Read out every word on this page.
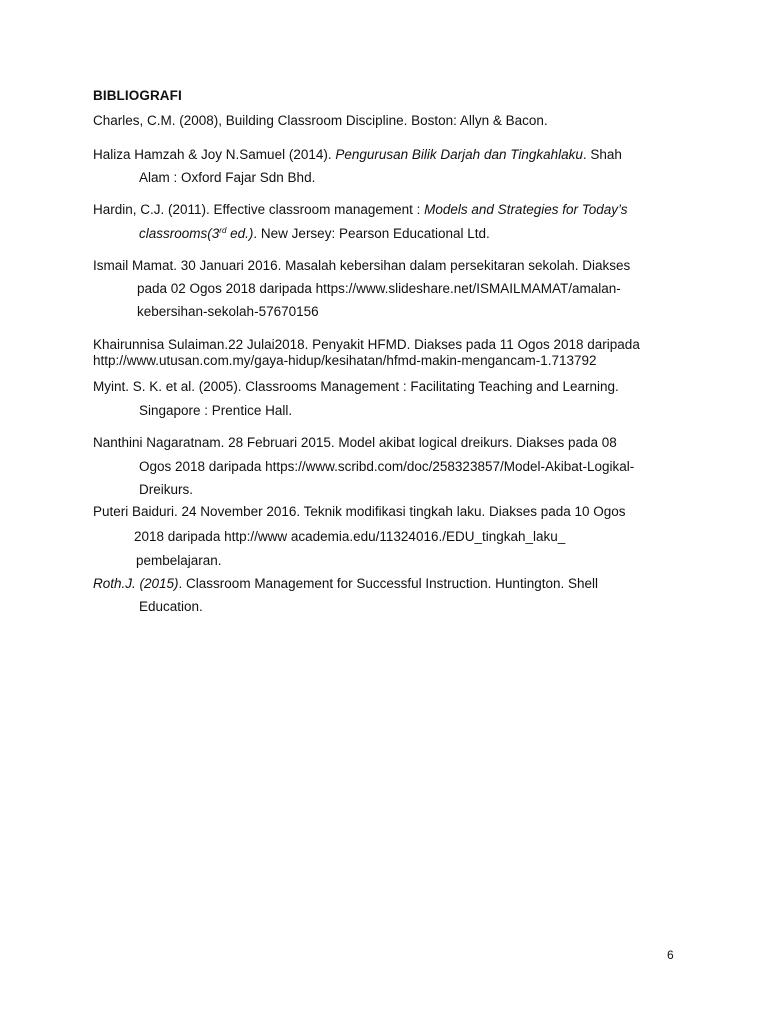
BIBLIOGRAFI
Charles, C.M. (2008), Building Classroom Discipline. Boston: Allyn & Bacon.
Haliza Hamzah & Joy N.Samuel (2014). Pengurusan Bilik Darjah dan Tingkahlaku. Shah
Alam : Oxford Fajar Sdn Bhd.
Hardin, C.J. (2011). Effective classroom management : Models and Strategies for Today’s
classrooms(3rd ed.). New Jersey: Pearson Educational Ltd.
Ismail Mamat. 30 Januari 2016. Masalah kebersihan dalam persekitaran sekolah. Diakses
pada 02 Ogos 2018 daripada https://www.slideshare.net/ISMAILMAMAT/amalan-
kebersihan-sekolah-57670156
Khairunnisa Sulaiman.22 Julai2018. Penyakit HFMD. Diakses pada 11 Ogos 2018 daripada
http://www.utusan.com.my/gaya-hidup/kesihatan/hfmd-makin-mengancam-1.713792
Myint. S. K. et al. (2005). Classrooms Management : Facilitating Teaching and Learning.
Singapore : Prentice Hall.
Nanthini Nagaratnam. 28 Februari 2015. Model akibat logical dreikurs. Diakses pada 08
Ogos 2018 daripada https://www.scribd.com/doc/258323857/Model-Akibat-Logikal-
Dreikurs.
Puteri Baiduri. 24 November 2016. Teknik modifikasi tingkah laku. Diakses pada 10 Ogos
2018 daripada http://www academia.edu/11324016./EDU_tingkah_laku_
pembelajaran.
Roth.J. (2015). Classroom Management for Successful Instruction. Huntington. Shell
Education.
6
